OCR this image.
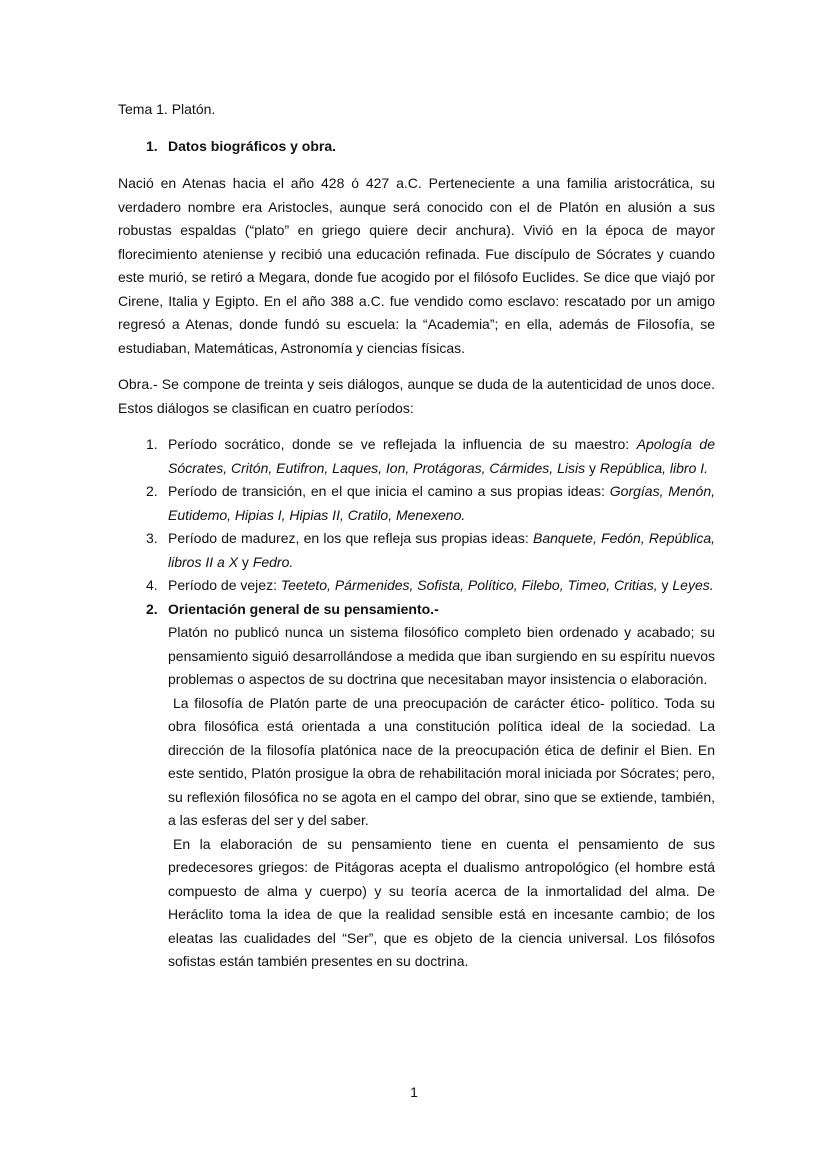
Tema 1. Platón.

1. Datos biográficos y obra.

Nació en Atenas hacia el año 428 ó 427 a.C. Perteneciente a una familia aristocrática, su verdadero nombre era Aristocles, aunque será conocido con el de Platón en alusión a sus robustas espaldas (“plato” en griego quiere decir anchura). Vivió en la época de mayor florecimiento ateniense y recibió una educación refinada. Fue discípulo de Sócrates y cuando este murió, se retiró a Megara, donde fue acogido por el filósofo Euclides. Se dice que viajó por Cirene, Italia y Egipto. En el año 388 a.C. fue vendido como esclavo: rescatado por un amigo regresó a Atenas, donde fundó su escuela: la “Academia”; en ella, además de Filosofía, se estudiaban, Matemáticas, Astronomía y ciencias físicas.

Obra.- Se compone de treinta y seis diálogos, aunque se duda de la autenticidad de unos doce. Estos diálogos se clasifican en cuatro períodos:

1. Período socrático, donde se ve reflejada la influencia de su maestro: Apología de Sócrates, Critón, Eutifron, Laques, Ion, Protágoras, Cármides, Lisis y República, libro I.
2. Período de transición, en el que inicia el camino a sus propias ideas: Gorgías, Menón, Eutidemo, Hipias I, Hipias II, Cratilo, Menexeno.
3. Período de madurez, en los que refleja sus propias ideas: Banquete, Fedón, República, libros II a X y Fedro.
4. Período de vejez: Teeteto, Pármenides, Sofista, Político, Filebo, Timeo, Critias, y Leyes.
2. Orientación general de su pensamiento.-

Platón no publicó nunca un sistema filosófico completo bien ordenado y acabado; su pensamiento siguió desarrollándose a medida que iban surgiendo en su espíritu nuevos problemas o aspectos de su doctrina que necesitaban mayor insistencia o elaboración.

La filosofía de Platón parte de una preocupación de carácter ético- político. Toda su obra filosófica está orientada a una constitución política ideal de la sociedad. La dirección de la filosofía platónica nace de la preocupación ética de definir el Bien. En este sentido, Platón prosigue la obra de rehabilitación moral iniciada por Sócrates; pero, su reflexión filosófica no se agota en el campo del obrar, sino que se extiende, también, a las esferas del ser y del saber.

En la elaboración de su pensamiento tiene en cuenta el pensamiento de sus predecesores griegos: de Pitágoras acepta el dualismo antropológico (el hombre está compuesto de alma y cuerpo) y su teoría acerca de la inmortalidad del alma. De Heráclito toma la idea de que la realidad sensible está en incesante cambio; de los eleatas las cualidades del “Ser”, que es objeto de la ciencia universal. Los filósofos sofistas están también presentes en su doctrina.

1
